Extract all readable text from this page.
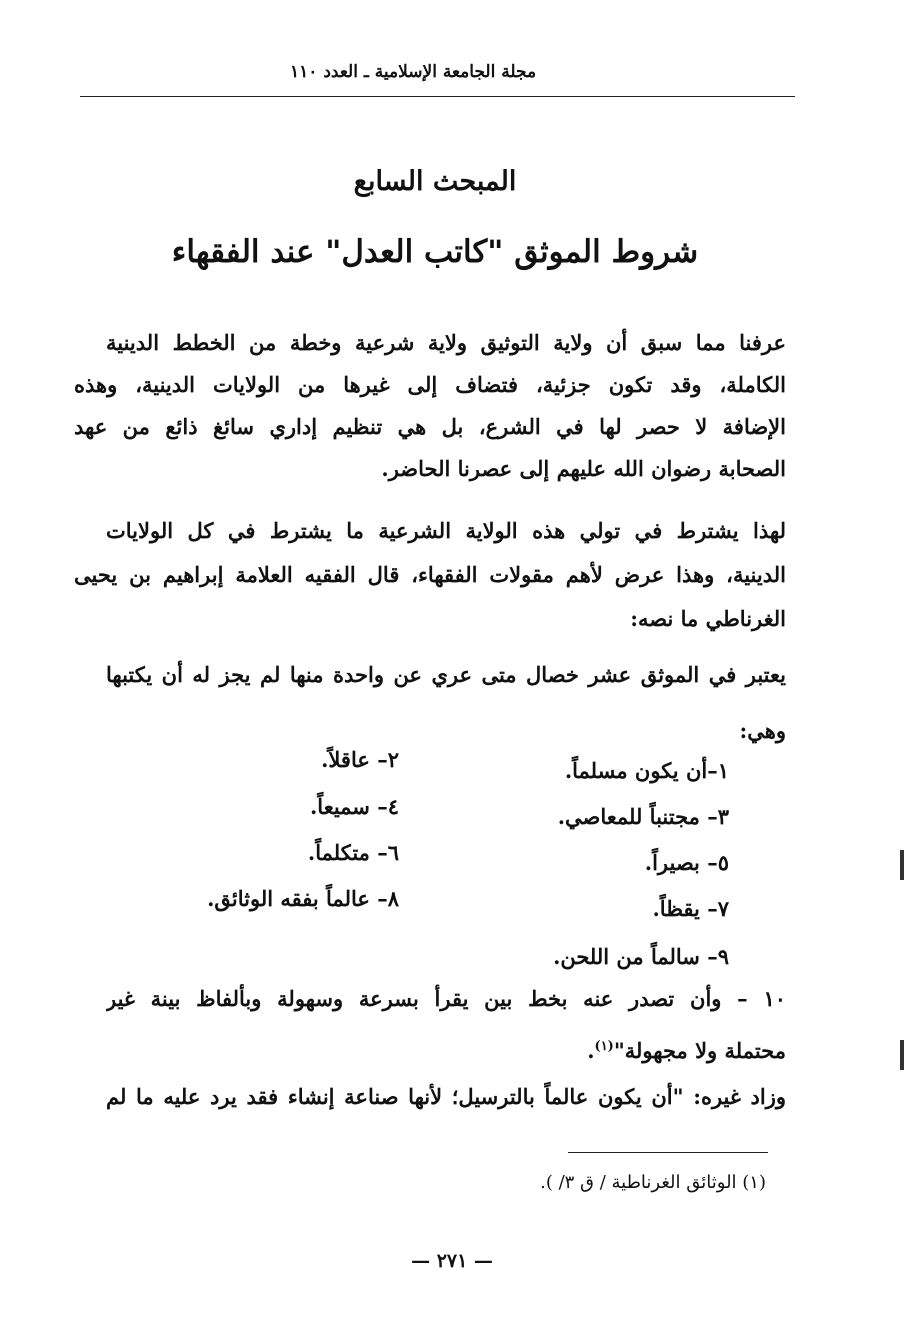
مجلة الجامعة الإسلامية ـ العدد ١١٠
المبحث السابع
شروط الموثق "كاتب العدل" عند الفقهاء
عرفنا مما سبق أن ولاية التوثيق ولاية شرعية وخطة من الخطط الدينية
الكاملة، وقد تكون جزئية، فتضاف إلى غيرها من الولايات الدينية، وهذه
الإضافة لا حصر لها في الشرع، بل هي تنظيم إداري سائغ ذائع من عهد
الصحابة رضوان الله عليهم إلى عصرنا الحاضر.
لهذا يشترط في تولي هذه الولاية الشرعية ما يشترط في كل الولايات
الدينية، وهذا عرض لأهم مقولات الفقهاء، قال الفقيه العلامة إبراهيم بن يحيى
الغرناطي ما نصه:
يعتبر في الموثق عشر خصال متى عري عن واحدة منها لم يجز له أن يكتبها
وهي:
١–أن يكون مسلماً.
٢– عاقلاً.
٣– مجتنباً للمعاصي.
٤– سميعاً.
٥– بصيراً.
٦– متكلماً.
٧– يقظاً.
٨– عالماً بفقه الوثائق.
٩– سالماً من اللحن.
١٠ – وأن تصدر عنه بخط بين يقرأ بسرعة وسهولة وبألفاظ بينة غير
محتملة ولا مجهولة"$^{(١)}$.
وزاد غيره: "أن يكون عالماً بالترسيل؛ لأنها صناعة إنشاء فقد يرد عليه ما لم
(١) الوثائق الغرناطية / ق ٣/ ).
— ٢٧١ —
